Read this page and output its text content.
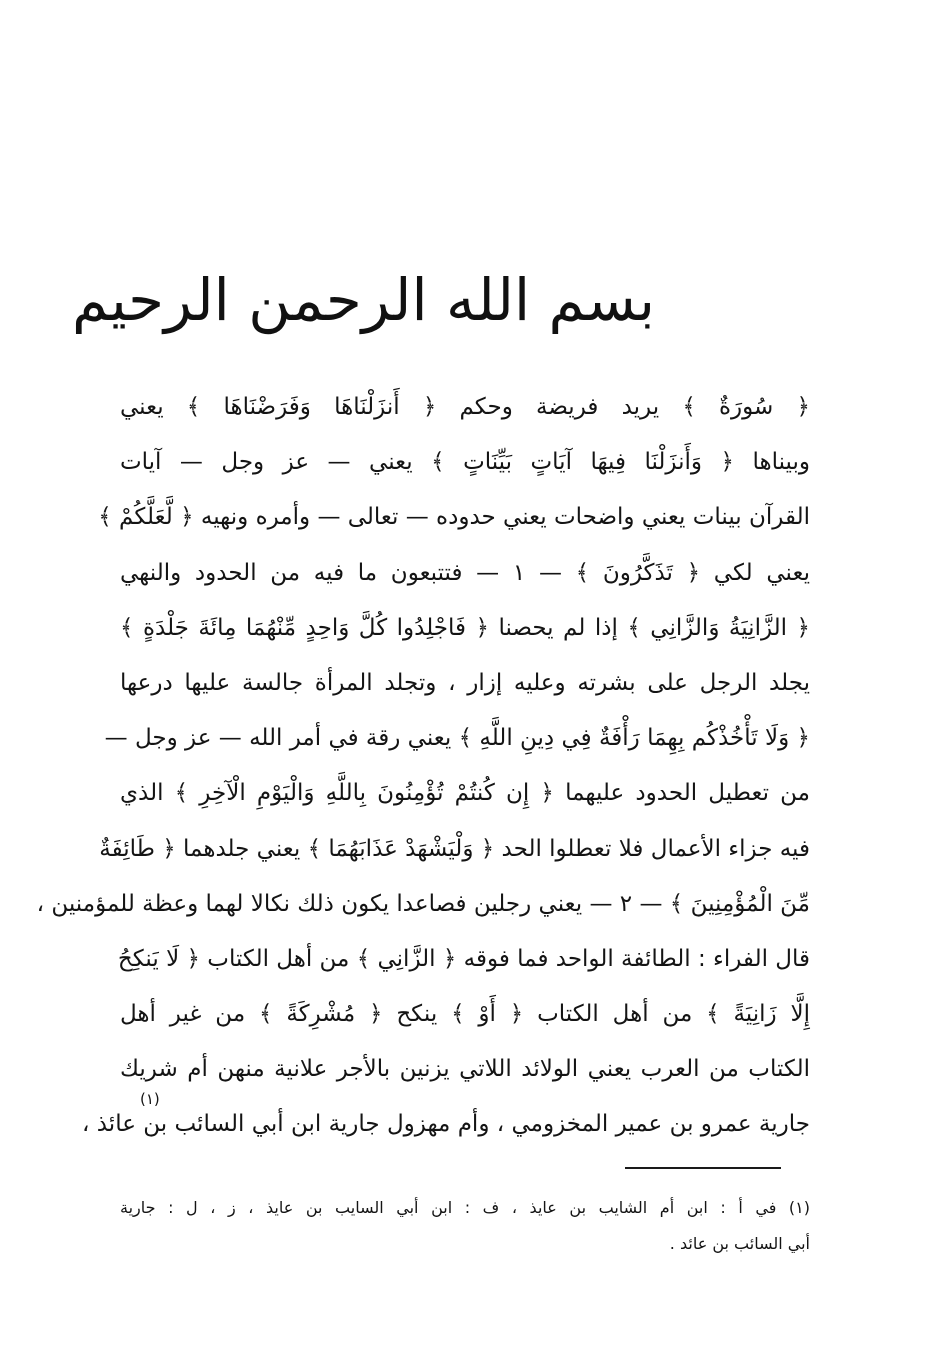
بسم الله الرحمن الرحيم
﴿ سُورَةٌ ﴾ يريد فريضة وحكم ﴿ أَنزَلْنَاهَا وَفَرَضْنَاهَا ﴾ يعني
وبيناها ﴿ وَأَنزَلْنَا فِيهَا آيَاتٍ بَيِّنَاتٍ ﴾ يعني — عز وجل — آيات
القرآن بينات يعني واضحات يعني حدوده — تعالى — وأمره ونهيه ﴿ لَّعَلَّكُمْ ﴾
يعني لكي ﴿ تَذَكَّرُونَ ﴾ — ١ — فتتبعون ما فيه من الحدود والنهي
﴿ الزَّانِيَةُ وَالزَّانِي ﴾ إذا لم يحصنا ﴿ فَاجْلِدُوا كُلَّ وَاحِدٍ مِّنْهُمَا مِائَةَ جَلْدَةٍ ﴾
يجلد الرجل على بشرته وعليه إزار ، وتجلد المرأة جالسة عليها درعها
﴿ وَلَا تَأْخُذْكُم بِهِمَا رَأْفَةٌ فِي دِينِ اللَّهِ ﴾ يعني رقة في أمر الله — عز وجل —
من تعطيل الحدود عليهما ﴿ إِن كُنتُمْ تُؤْمِنُونَ بِاللَّهِ وَالْيَوْمِ الْآخِرِ ﴾ الذي
فيه جزاء الأعمال فلا تعطلوا الحد ﴿ وَلْيَشْهَدْ عَذَابَهُمَا ﴾ يعني جلدهما ﴿ طَائِفَةٌ
مِّنَ الْمُؤْمِنِينَ ﴾ — ٢ — يعني رجلين فصاعدا يكون ذلك نكالا لهما وعظة للمؤمنين ،
قال الفراء : الطائفة الواحد فما فوقه ﴿ الزَّانِي ﴾ من أهل الكتاب ﴿ لَا يَنكِحُ
إِلَّا زَانِيَةً ﴾ من أهل الكتاب ﴿ أَوْ ﴾ ينكح ﴿ مُشْرِكَةً ﴾ من غير أهل
الكتاب من العرب يعني الولائد اللاتي يزنين بالأجر علانية منهن أم شريك
جارية عمرو بن عمير المخزومي ، وأم مهزول جارية ابن أبي السائب بن عائذ ،
(١)
(١) في أ : ابن أم الشايب بن عايذ ، ف : ابن أبي السايب بن عايذ ، ز ، ل : جارية
أبي السائب بن عائد .
